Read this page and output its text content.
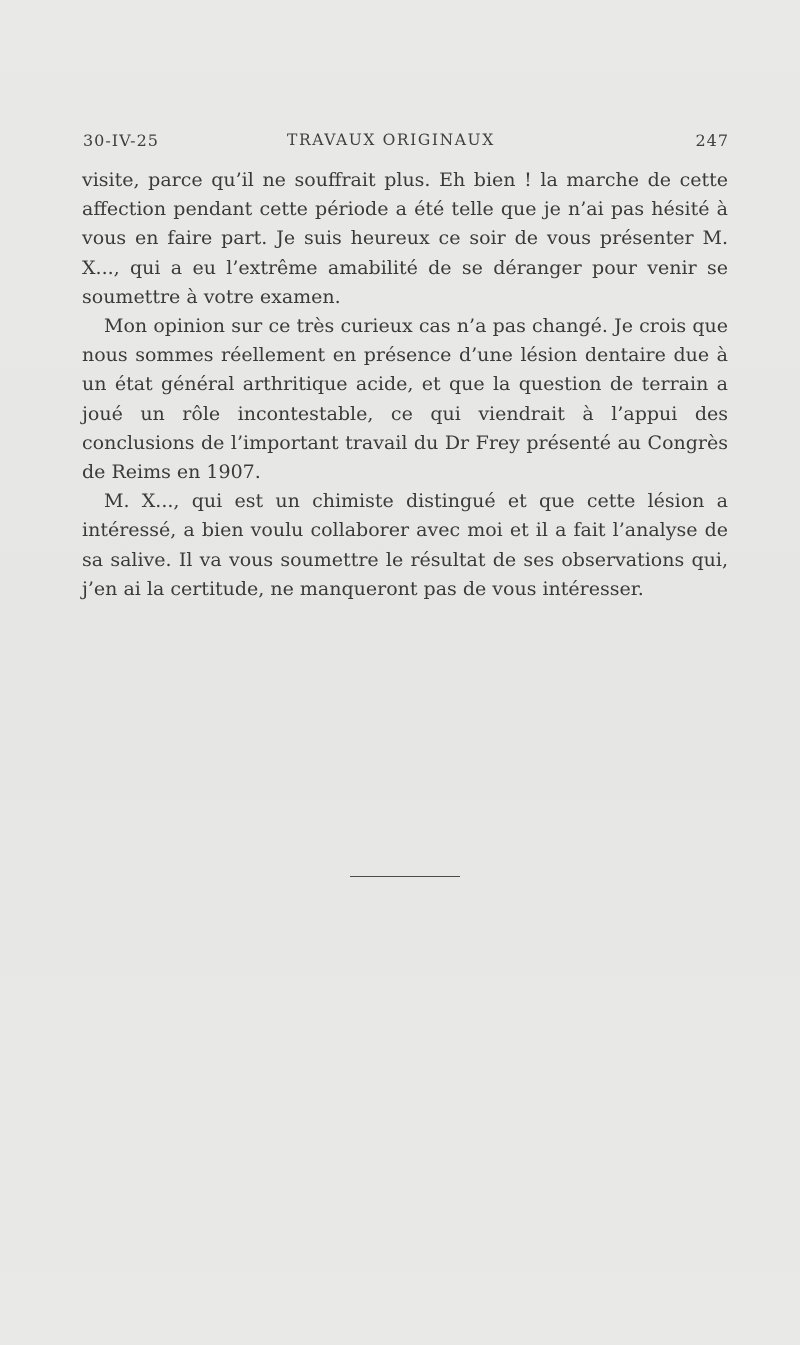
30-IV-25	TRAVAUX ORIGINAUX	247

visite, parce qu’il ne souffrait plus. Eh bien ! la marche de cette affection pendant cette période a été telle que je n’ai pas hésité à vous en faire part. Je suis heureux ce soir de vous présenter M. X..., qui a eu l’extrême amabilité de se déranger pour venir se soumettre à votre examen.

Mon opinion sur ce très curieux cas n’a pas changé. Je crois que nous sommes réellement en présence d’une lésion dentaire due à un état général arthritique acide, et que la question de terrain a joué un rôle incontestable, ce qui viendrait à l’appui des conclusions de l’important travail du Dr Frey présenté au Congrès de Reims en 1907.

M. X..., qui est un chimiste distingué et que cette lésion a intéressé, a bien voulu collaborer avec moi et il a fait l’analyse de sa salive. Il va vous soumettre le résultat de ses observations qui, j’en ai la certitude, ne manqueront pas de vous intéresser.
